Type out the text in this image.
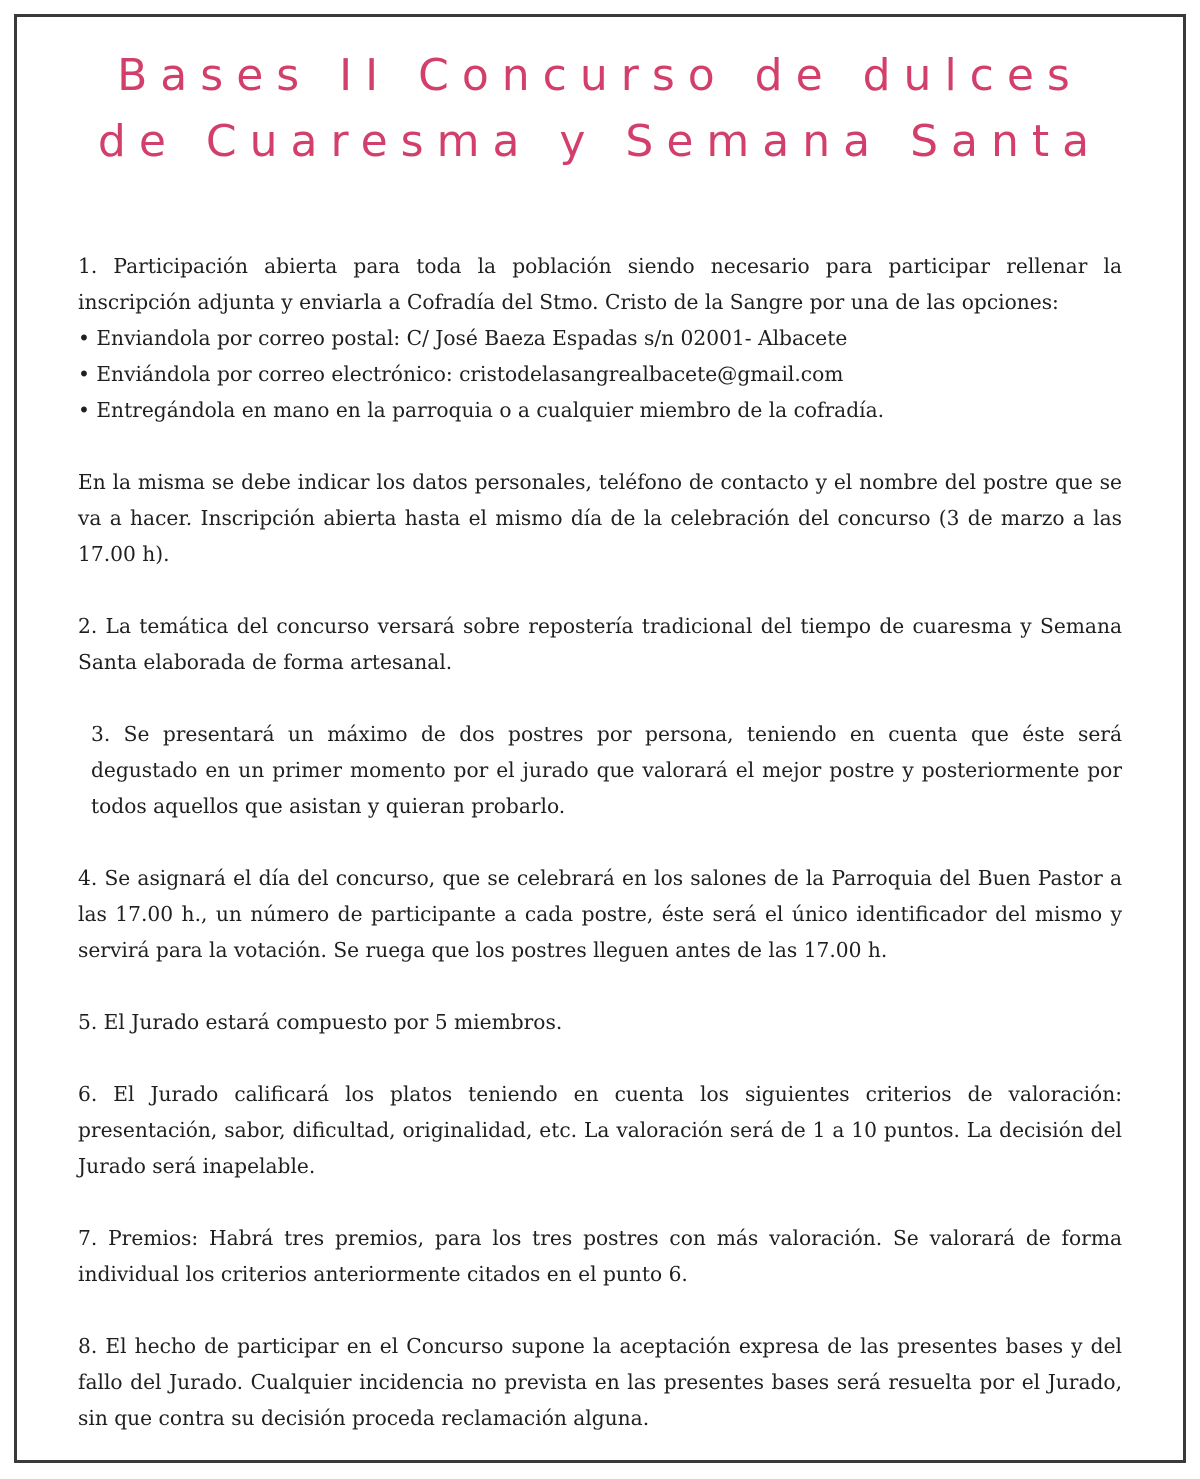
Bases II Concurso de dulces
de Cuaresma y Semana Santa

1. Participación abierta para toda la población siendo necesario para participar rellenar la inscripción adjunta y enviarla a Cofradía del Stmo. Cristo de la Sangre por una de las opciones:

• Enviandola por correo postal: C/ José Baeza Espadas s/n 02001- Albacete

• Enviándola por correo electrónico: cristodelasangrealbacete@gmail.com

• Entregándola en mano en la parroquia o a cualquier miembro de la cofradía.

En la misma se debe indicar los datos personales, teléfono de contacto y el nombre del postre que se va a hacer. Inscripción abierta hasta el mismo día de la celebración del concurso (3 de marzo a las 17.00 h).

2. La temática del concurso versará sobre repostería tradicional del tiempo de cuaresma y Semana Santa elaborada de forma artesanal.

3. Se presentará un máximo de dos postres por persona, teniendo en cuenta que éste será degustado en un primer momento por el jurado que valorará el mejor postre y posteriormente por todos aquellos que asistan y quieran probarlo.

4. Se asignará el día del concurso, que se celebrará en los salones de la Parroquia del Buen Pastor a las 17.00 h., un número de participante a cada postre, éste será el único identificador del mismo y servirá para la votación. Se ruega que los postres lleguen antes de las 17.00 h.

5. El Jurado estará compuesto por 5 miembros.

6. El Jurado calificará los platos teniendo en cuenta los siguientes criterios de valoración: presentación, sabor, dificultad, originalidad, etc. La valoración será de 1 a 10 puntos. La decisión del Jurado será inapelable.

7. Premios: Habrá tres premios, para los tres postres con más valoración. Se valorará de forma individual los criterios anteriormente citados en el punto 6.

8. El hecho de participar en el Concurso supone la aceptación expresa de las presentes bases y del fallo del Jurado. Cualquier incidencia no prevista en las presentes bases será resuelta por el Jurado, sin que contra su decisión proceda reclamación alguna.
